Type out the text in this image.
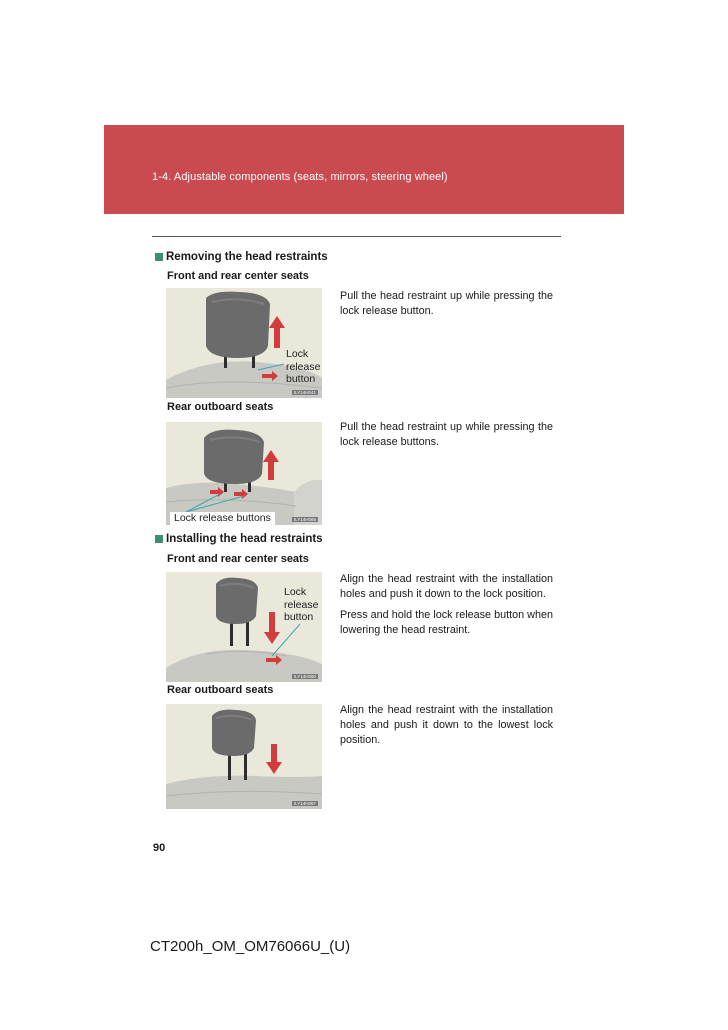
1-4. Adjustable components (seats, mirrors, steering wheel)
Removing the head restraints
Front and rear center seats
Lock release button
ILY14H041

Pull the head restraint up while pressing the lock release button.

Rear outboard seats
Lock release buttons	ILY14H066

Pull the head restraint up while pressing the lock release buttons.

Installing the head restraints
Front and rear center seats
Lock release button
ILY14H090

Align the head restraint with the installation holes and push it down to the lock position.

Press and hold the lock release button when lowering the head restraint.

Rear outboard seats
ILY14H067

Align the head restraint with the installation holes and push it down to the lowest lock position.

90
CT200h_OM_OM76066U_(U)
